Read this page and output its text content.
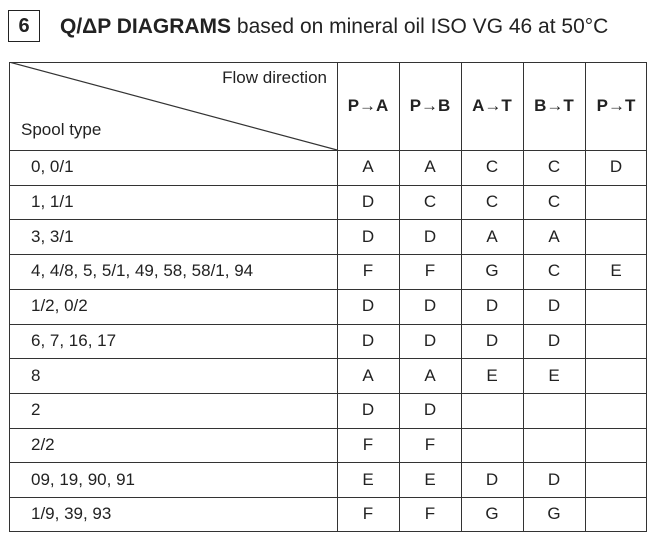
6	Q/ΔP DIAGRAMS based on mineral oil ISO VG 46 at 50°C
Flow direction
Spool type
P→A	P→B	A→T	B→T	P→T
0, 0/1	A	A	C	C	D
1, 1/1	D	C	C	C
3, 3/1	D	D	A	A
4, 4/8, 5, 5/1, 49, 58, 58/1, 94	F	F	G	C	E
1/2, 0/2	D	D	D	D
6, 7, 16, 17	D	D	D	D
8	A	A	E	E
2	D	D
2/2	F	F
09, 19, 90, 91	E	E	D	D
1/9, 39, 93	F	F	G	G
